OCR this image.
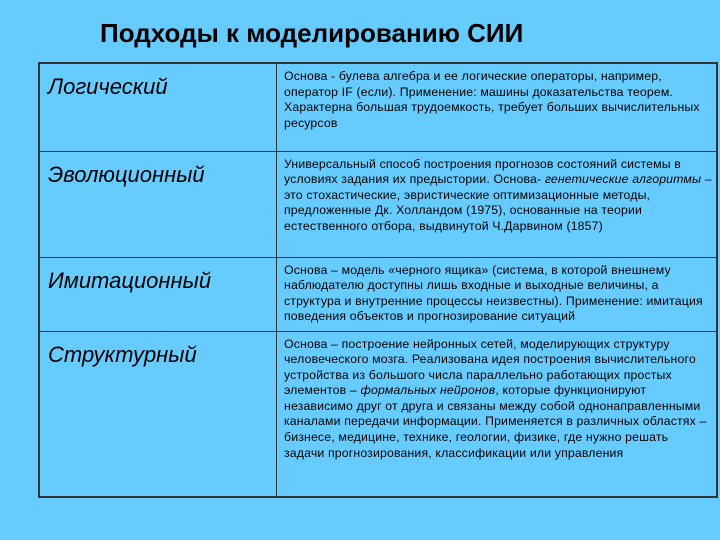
Подходы к моделированию СИИ
Логический	Основа - булева алгебра и ее логические операторы, например, оператор IF (если). Применение: машины доказательства теорем. Характерна большая трудоемкость, требует больших вычислительных ресурсов
Эволюционный	Универсальный способ построения прогнозов состояний системы в условиях задания их предыстории. Основа- генетические алгоритмы – это стохастические, эвристические оптимизационные методы, предложенные Дк. Холландом (1975), основанные на теории естественного отбора, выдвинутой Ч.Дарвином (1857)
Имитационный	Основа – модель «черного ящика» (система, в которой внешнему наблюдателю доступны лишь входные и выходные величины, а структура и внутренние процессы неизвестны). Применение: имитация поведения объектов и прогнозирование ситуаций
Структурный	Основа – построение нейронных сетей, моделирующих структуру человеческого мозга. Реализована идея построения вычислительного устройства из большого числа параллельно работающих простых элементов – формальных нейронов, которые функционируют независимо друг от друга и связаны между собой однонаправленными каналами передачи информации. Применяется в различных областях – бизнесе, медицине, технике, геологии, физике, где нужно решать задачи прогнозирования, классификации или управления
